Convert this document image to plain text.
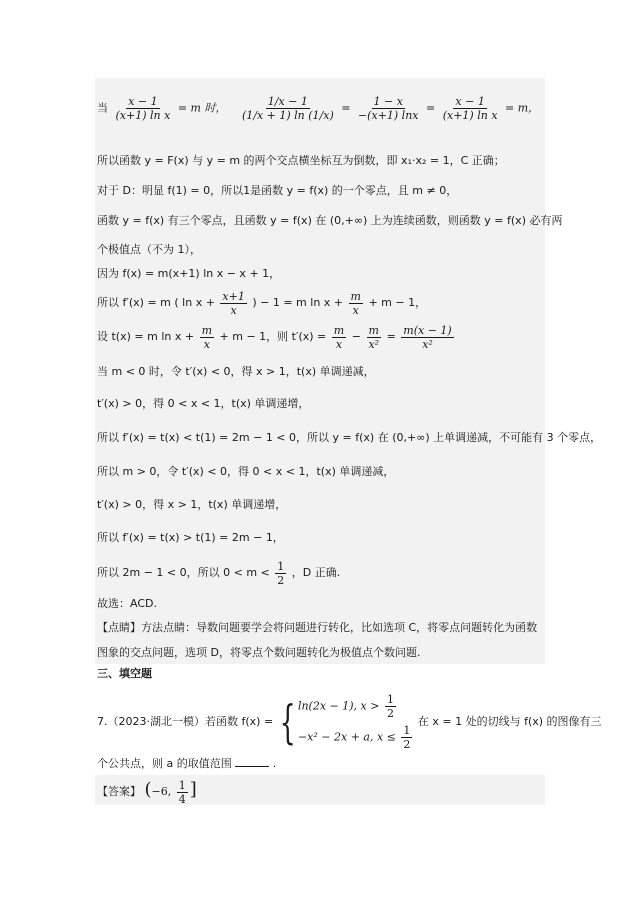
当 $\frac{x - 1}{\text{(x+1) ln x}} = m$ 时， $\frac{1/x - 1}{(1/x + 1) \ln (1/x)} = \frac{1 - x}{-(x+1) \ln x} = \frac{x - 1}{\text{(x+1) ln x}} = m$，
所以函数 y = F(x) 与 y = m 的两个交点横坐标互为倒数，即 x₁·x₂ = 1，C 正确；
对于 D：明显 f(1) = 0，所以1是函数 y = f(x) 的一个零点，且 m ≠ 0，
函数 y = f(x) 有三个零点，且函数 y = f(x) 在 (0,+∞) 上为连续函数，则函数 y = f(x) 必有两
个极值点（不为 1），
因为 f(x) = m(x+1) ln x − x + 1，
所以 f′(x) = m ( $\ln x + \frac{x+1}{x}$ ) − 1 = m $\ln x + \frac{m}{x} + m - 1$，
设 t(x) = m $\ln x + \frac{m}{x} + m - 1$，则 $t'(x) = \frac{m}{x} - \frac{m}{\text{x²}} = \frac{m(x - 1)}{\text{x²}}$
当 m < 0 时，令 t′(x) < 0，得 x > 1，t(x) 单调递减，
t′(x) > 0，得 0 < x < 1，t(x) 单调递增，
所以 f′(x) = t(x) < t(1) = 2m − 1 < 0，所以 y = f(x) 在 (0,+∞) 上单调递减，不可能有 3 个零点，
所以 m > 0，令 t′(x) < 0，得 0 < x < 1，t(x) 单调递减，
t′(x) > 0，得 x > 1，t(x) 单调递增，
所以 f′(x) = t(x) > t(1) = 2m − 1，
所以 2m − 1 < 0，所以 $0 < m < \frac{1}{2}$ ，D 正确.
故选：ACD.
【点睛】方法点睛：导数问题要学会将问题进行转化，比如选项 C，将零点问题转化为函数
图象的交点问题，选项 D，将零点个数问题转化为极值点个数问题.
三、填空题
7.（2023·湖北一模）若函数 f(x) = { ln(2x − 1), $x > \frac{1}{2}$
−x² − 2x + a, $x \le \frac{1}{2}$
在 x = 1 处的切线与 f(x) 的图像有三
个公共点，则 a 的取值范围	.
【答案】 (−6, $\frac{1}{4}$ ]
